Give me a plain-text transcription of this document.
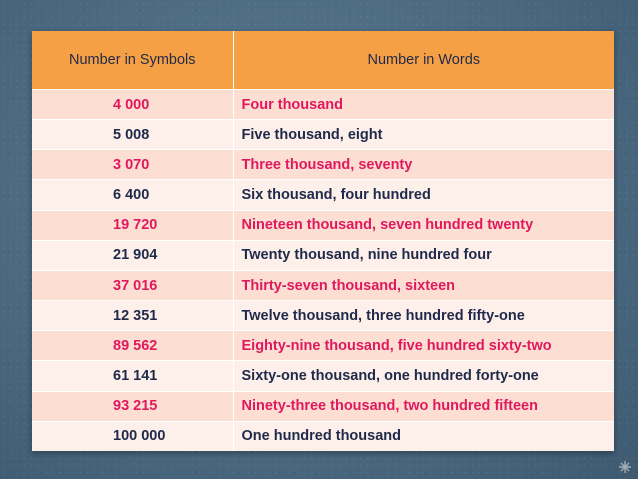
Number in Symbols	Number in Words
4 000	Four thousand
5 008	Five thousand, eight
3 070	Three thousand, seventy
6 400	Six thousand, four hundred
19 720	Nineteen thousand, seven hundred twenty
21 904	Twenty thousand, nine hundred four
37 016	Thirty-seven thousand, sixteen
12 351	Twelve thousand, three hundred fifty-one
89 562	Eighty-nine thousand, five hundred sixty-two
61 141	Sixty-one thousand, one hundred forty-one
93 215	Ninety-three thousand, two hundred fifteen
100 000	One hundred thousand
